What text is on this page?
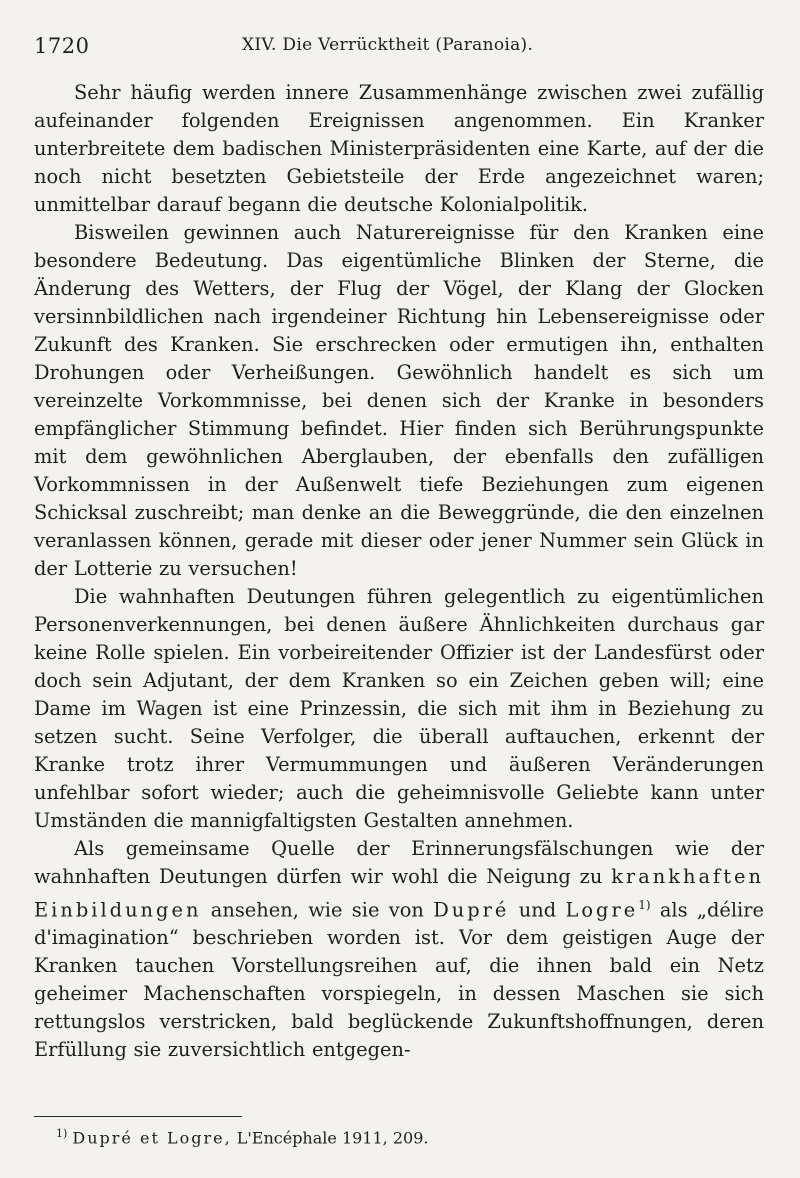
1720	XIV. Die Verrücktheit (Paranoia).

Sehr häufig werden innere Zusammenhänge zwischen zwei zufällig aufeinander folgenden Ereignissen angenommen. Ein Kranker unterbreitete dem badischen Ministerpräsidenten eine Karte, auf der die noch nicht besetzten Gebietsteile der Erde angezeichnet waren; unmittelbar darauf begann die deutsche Kolonialpolitik.

Bisweilen gewinnen auch Naturereignisse für den Kranken eine besondere Bedeutung. Das eigentümliche Blinken der Sterne, die Änderung des Wetters, der Flug der Vögel, der Klang der Glocken versinnbildlichen nach irgendeiner Richtung hin Lebensereignisse oder Zukunft des Kranken. Sie erschrecken oder ermutigen ihn, enthalten Drohungen oder Verheißungen. Gewöhnlich handelt es sich um vereinzelte Vorkommnisse, bei denen sich der Kranke in besonders empfänglicher Stimmung befindet. Hier finden sich Berührungspunkte mit dem gewöhnlichen Aberglauben, der ebenfalls den zufälligen Vorkommnissen in der Außenwelt tiefe Beziehungen zum eigenen Schicksal zuschreibt; man denke an die Beweggründe, die den einzelnen veranlassen können, gerade mit dieser oder jener Nummer sein Glück in der Lotterie zu versuchen!

Die wahnhaften Deutungen führen gelegentlich zu eigentümlichen Personenverkennungen, bei denen äußere Ähnlichkeiten durchaus gar keine Rolle spielen. Ein vorbeireitender Offizier ist der Landesfürst oder doch sein Adjutant, der dem Kranken so ein Zeichen geben will; eine Dame im Wagen ist eine Prinzessin, die sich mit ihm in Beziehung zu setzen sucht. Seine Verfolger, die überall auftauchen, erkennt der Kranke trotz ihrer Vermummungen und äußeren Veränderungen unfehlbar sofort wieder; auch die geheimnisvolle Geliebte kann unter Umständen die mannigfaltigsten Gestalten annehmen.

Als gemeinsame Quelle der Erinnerungsfälschungen wie der wahnhaften Deutungen dürfen wir wohl die Neigung zu krankhaften Einbildungen ansehen, wie sie von Dupré und Logre$^{1)}$ als „délire d'imagination“ beschrieben worden ist. Vor dem geistigen Auge der Kranken tauchen Vorstellungsreihen auf, die ihnen bald ein Netz geheimer Machenschaften vorspiegeln, in dessen Maschen sie sich rettungslos verstricken, bald beglückende Zukunftshoffnungen, deren Erfüllung sie zuversichtlich entgegen-

$^{1)}$ Dupré et Logre, L'Encéphale 1911, 209.
